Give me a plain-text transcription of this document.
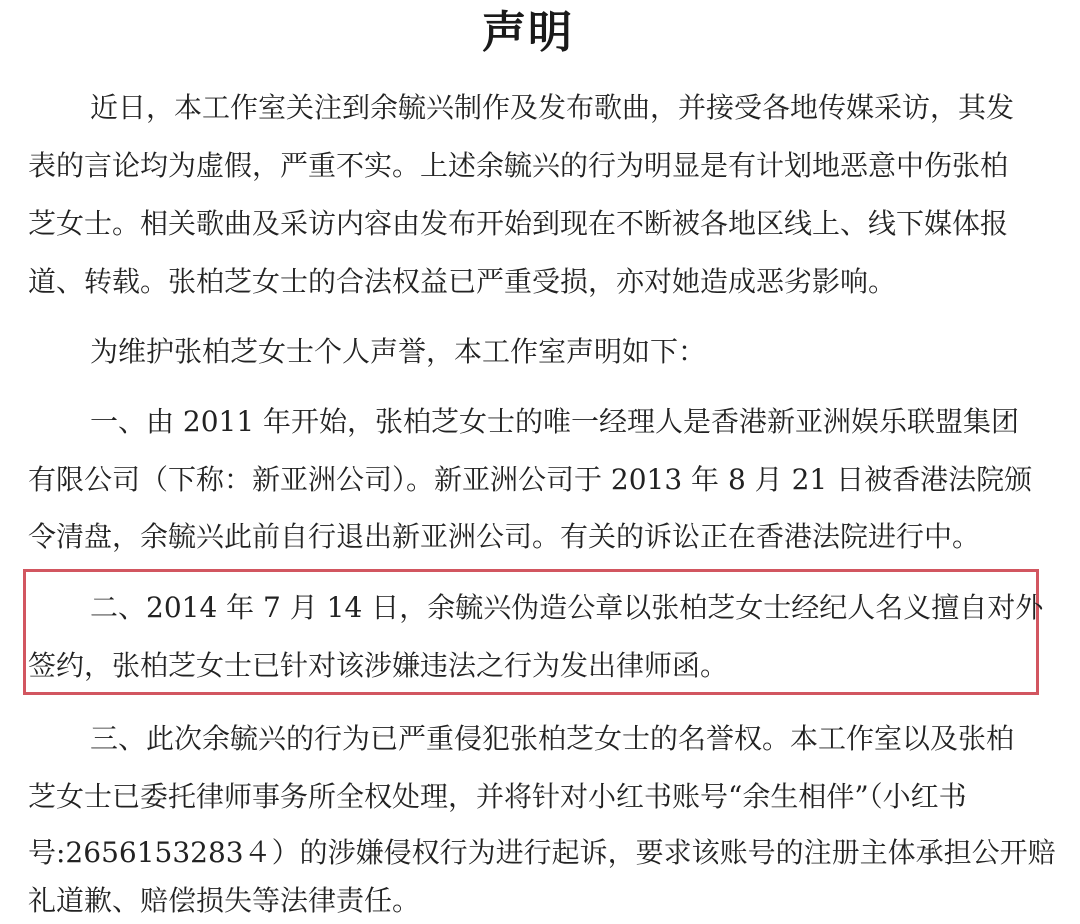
声明
近日，本工作室关注到余毓兴制作及发布歌曲，并接受各地传媒采访，其发
表的言论均为虚假，严重不实。上述余毓兴的行为明显是有计划地恶意中伤张柏
芝女士。相关歌曲及采访内容由发布开始到现在不断被各地区线上、线下媒体报
道、转载。张柏芝女士的合法权益已严重受损，亦对她造成恶劣影响。
为维护张柏芝女士个人声誉，本工作室声明如下：
一、由 2011 年开始，张柏芝女士的唯一经理人是香港新亚洲娱乐联盟集团
有限公司（下称：新亚洲公司）。新亚洲公司于 2013 年 8 月 21 日被香港法院颁
令清盘，余毓兴此前自行退出新亚洲公司。有关的诉讼正在香港法院进行中。
二、2014 年 7 月 14 日，余毓兴伪造公章以张柏芝女士经纪人名义擅自对外
签约，张柏芝女士已针对该涉嫌违法之行为发出律师函。
三、此次余毓兴的行为已严重侵犯张柏芝女士的名誉权。本工作室以及张柏
芝女士已委托律师事务所全权处理，并将针对小红书账号“余生相伴”（小红书
号:2656153283４）的涉嫌侵权行为进行起诉，要求该账号的注册主体承担公开赔
礼道歉、赔偿损失等法律责任。
